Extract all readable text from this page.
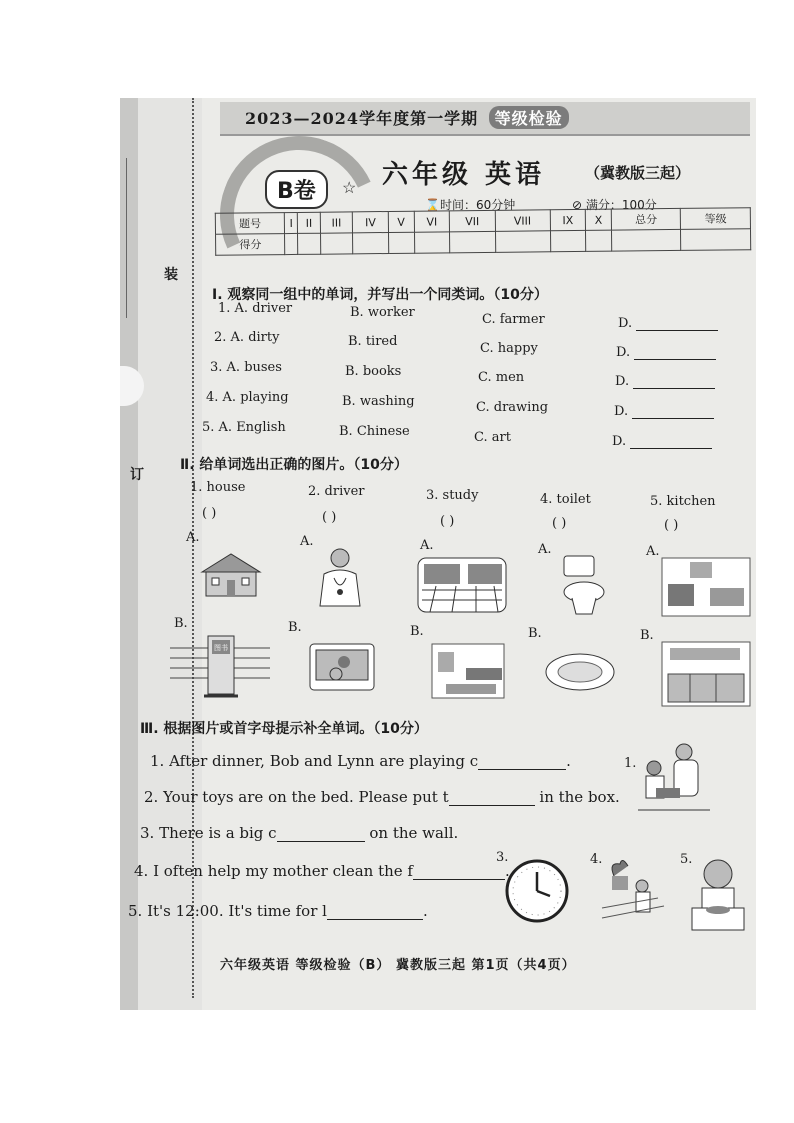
装
订
2023—2024学年度第一学期 等级检验
B卷	☆ 六年级 英语	（冀教版三起）
⌛时间：60分钟	⊘ 满分：100分
题号	I	II	III	IV	V	VI	VII	VIII	IX	X	总分	等级
得分												
Ⅰ. 观察同一组中的单词，并写出一个同类词。（10分）
1. A. driver	B. worker	C. farmer	D.
2. A. dirty	B. tired	C. happy	D.
3. A. buses	B. books	C. men	D.
4. A. playing	B. washing	C. drawing	D.
5. A. English	B. Chinese	C. art	D.
Ⅱ. 给单词选出正确的图片。（10分）
1. house	2. driver	3. study	4. toilet	5. kitchen
( )	( )	( )	( )	( )
A.	A.	A.	A.	A.
B.	B.	B.	B.	B.
图书
Ⅲ. 根据图片或首字母提示补全单词。（10分）
1. After dinner, Bob and Lynn are playing c	.
2. Your toys are on the bed. Please put t	in the box.
3. There is a big c	on the wall.
4. I often help my mother clean the f	.
5. It's 12:00. It's time for l	.
1.
3.	4.	5.
六年级英语 等级检验（B） 冀教版三起 第1页（共4页）
